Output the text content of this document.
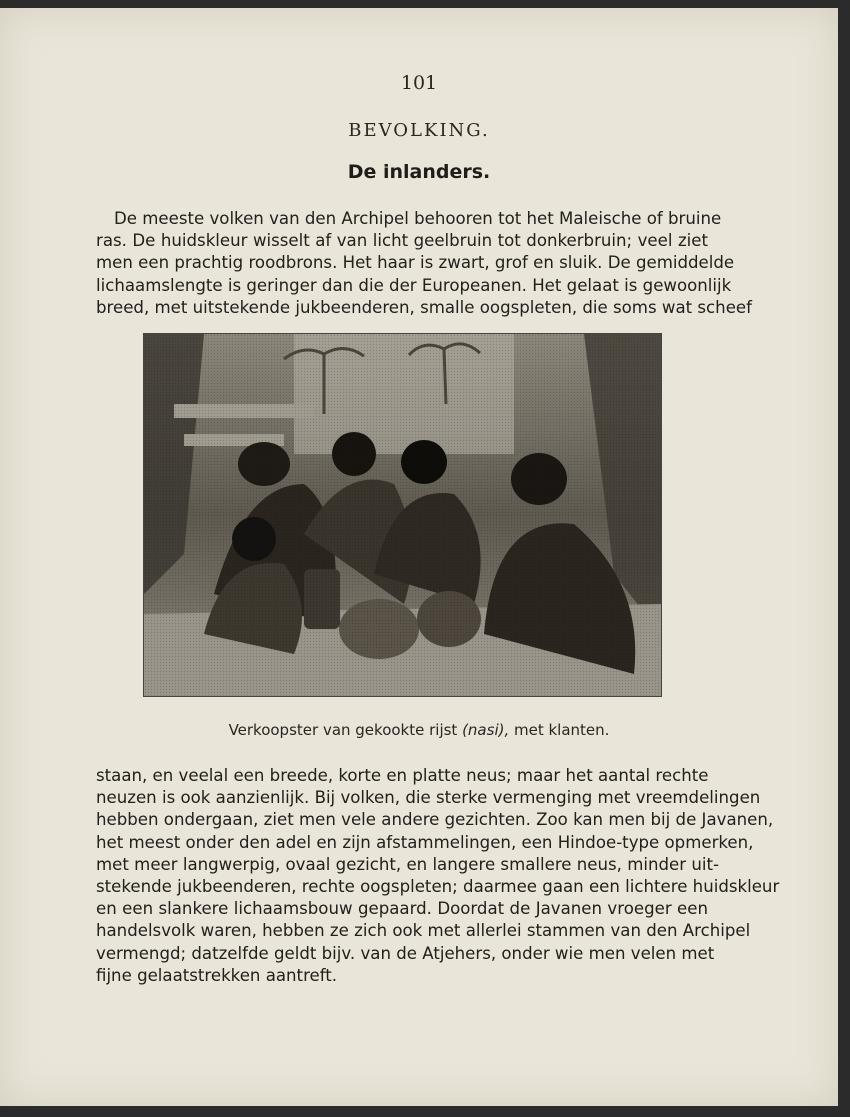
101
BEVOLKING.
De inlanders.
De meeste volken van den Archipel behooren tot het Maleische of bruine
ras. De huidskleur wisselt af van licht geelbruin tot donkerbruin; veel ziet
men een prachtig roodbrons. Het haar is zwart, grof en sluik. De gemiddelde
lichaamslengte is geringer dan die der Europeanen. Het gelaat is gewoonlijk
breed, met uitstekende jukbeenderen, smalle oogspleten, die soms wat scheef
Verkoopster van gekookte rijst (nasi), met klanten.
staan, en veelal een breede, korte en platte neus; maar het aantal rechte
neuzen is ook aanzienlijk. Bij volken, die sterke vermenging met vreemdelingen
hebben ondergaan, ziet men vele andere gezichten. Zoo kan men bij de Javanen,
het meest onder den adel en zijn afstammelingen, een Hindoe-type opmerken,
met meer langwerpig, ovaal gezicht, en langere smallere neus, minder uit-
stekende jukbeenderen, rechte oogspleten; daarmee gaan een lichtere huidskleur
en een slankere lichaamsbouw gepaard. Doordat de Javanen vroeger een
handelsvolk waren, hebben ze zich ook met allerlei stammen van den Archipel
vermengd; datzelfde geldt bijv. van de Atjehers, onder wie men velen met
fijne gelaatstrekken aantreft.
